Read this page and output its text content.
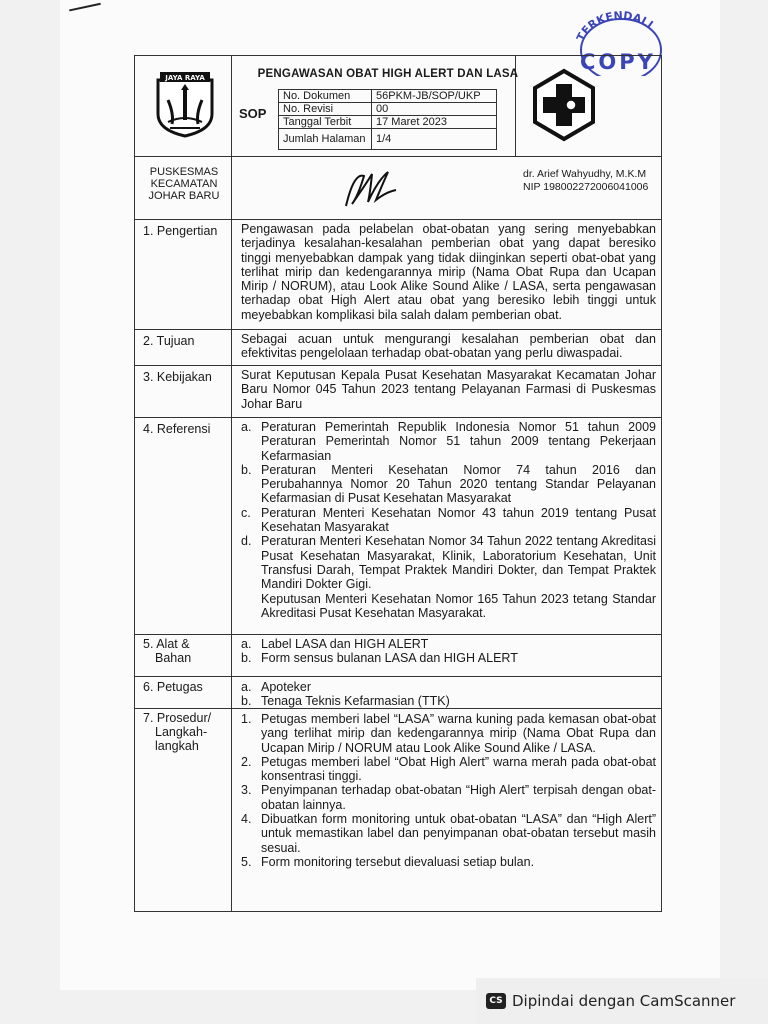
TERKENDALI
COPY
JAYA RAYA	PENGAWASAN OBAT HIGH ALERT DAN LASA
SOP
No. Dokumen	56PKM-JB/SOP/UKP
No. Revisi	00
Tanggal Terbit	17 Maret 2023
Jumlah Halaman	1/4
PUSKESMAS
KECAMATAN
JOHAR BARU
dr. Arief Wahyudhy, M.K.M
NIP 198002272006041006
1. Pengertian Pengawasan pada pelabelan obat-obatan yang sering menyebabkan terjadinya kesalahan-kesalahan pemberian obat yang dapat beresiko tinggi menyebabkan dampak yang tidak diinginkan seperti obat-obat yang terlihat mirip dan kedengarannya mirip (Nama Obat Rupa dan Ucapan Mirip / NORUM), atau Look Alike Sound Alike / LASA, serta pengawasan terhadap obat High Alert atau obat yang beresiko lebih tinggi untuk meyebabkan komplikasi bila salah dalam pemberian obat.
2. Tujuan	Sebagai acuan untuk mengurangi kesalahan pemberian obat dan efektivitas pengelolaan terhadap obat-obatan yang perlu diwaspadai.
3. Kebijakan Surat Keputusan Kepala Pusat Kesehatan Masyarakat Kecamatan Johar Baru Nomor 045 Tahun 2023 tentang Pelayanan Farmasi di Puskesmas Johar Baru
4. Referensi a. Peraturan Pemerintah Republik Indonesia Nomor 51 tahun 2009 Peraturan Pemerintah Nomor 51 tahun 2009 tentang Pekerjaan Kefarmasian
b. Peraturan Menteri Kesehatan Nomor 74 tahun 2016 dan Perubahannya Nomor 20 Tahun 2020 tentang Standar Pelayanan Kefarmasian di Pusat Kesehatan Masyarakat
c. Peraturan Menteri Kesehatan Nomor 43 tahun 2019 tentang Pusat Kesehatan Masyarakat
d. Peraturan Menteri Kesehatan Nomor 34 Tahun 2022 tentang Akreditasi Pusat Kesehatan Masyarakat, Klinik, Laboratorium Kesehatan, Unit Transfusi Darah, Tempat Praktek Mandiri Dokter, dan Tempat Praktek Mandiri Dokter Gigi.
Keputusan Menteri Kesehatan Nomor 165 Tahun 2023 tetang Standar Akreditasi Pusat Kesehatan Masyarakat.
5. Alat &
Bahan
a. Label LASA dan HIGH ALERT
b. Form sensus bulanan LASA dan HIGH ALERT
6. Petugas	a. Apoteker
b. Tenaga Teknis Kefarmasian (TTK)
7. Prosedur/
Langkah-
langkah
1. Petugas memberi label “LASA” warna kuning pada kemasan obat-obat yang terlihat mirip dan kedengarannya mirip (Nama Obat Rupa dan Ucapan Mirip / NORUM atau Look Alike Sound Alike / LASA.
2. Petugas memberi label “Obat High Alert” warna merah pada obat-obat konsentrasi tinggi.
3. Penyimpanan terhadap obat-obatan “High Alert” terpisah dengan obat-obatan lainnya.
4. Dibuatkan form monitoring untuk obat-obatan “LASA” dan “High Alert” untuk memastikan label dan penyimpanan obat-obatan tersebut masih sesuai.
5. Form monitoring tersebut dievaluasi setiap bulan.
CS Dipindai dengan CamScanner
